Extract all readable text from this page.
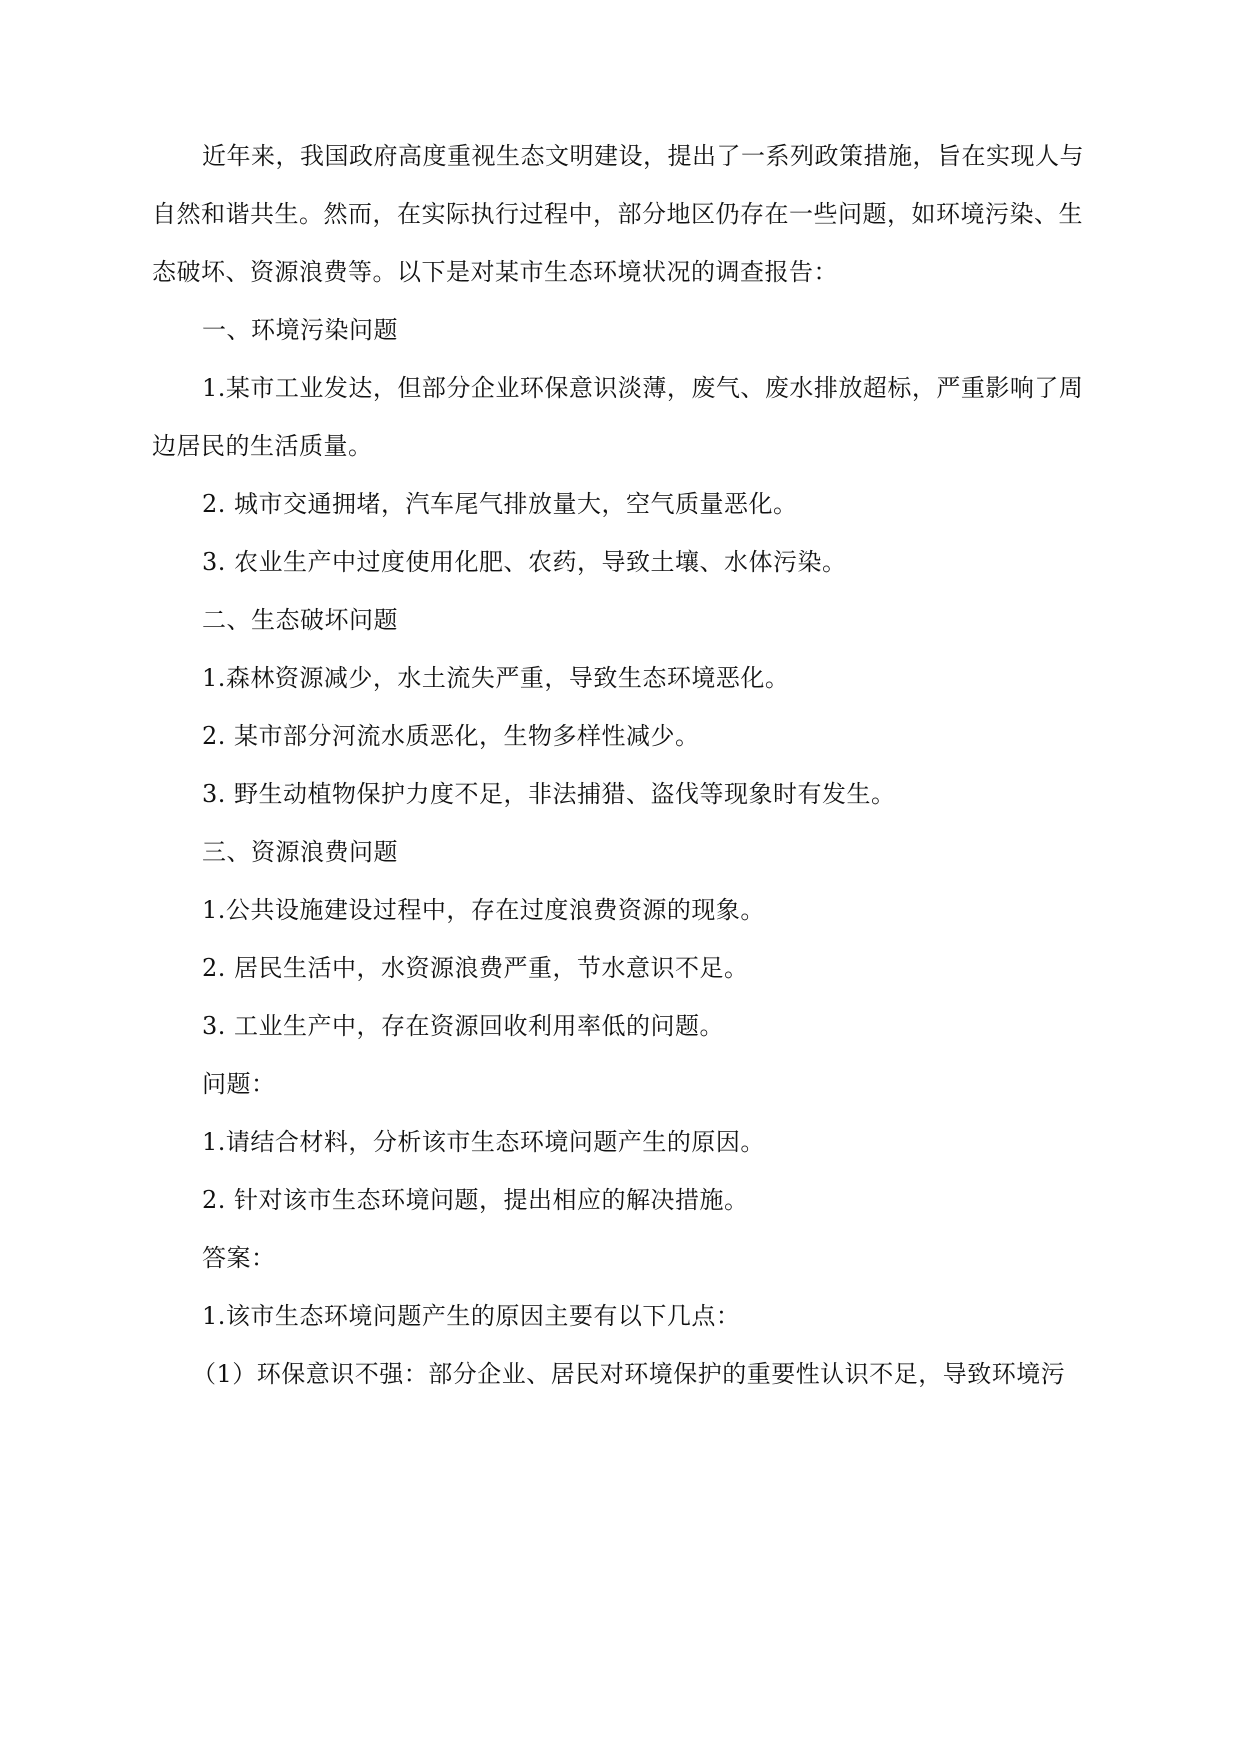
近年来，我国政府高度重视生态文明建设，提出了一系列政策措施，旨在实现人与
自然和谐共生。然而，在实际执行过程中，部分地区仍存在一些问题，如环境污染、生
态破坏、资源浪费等。以下是对某市生态环境状况的调查报告：
一、环境污染问题
1.某市工业发达，但部分企业环保意识淡薄，废气、废水排放超标，严重影响了周
边居民的生活质量。
2. 城市交通拥堵，汽车尾气排放量大，空气质量恶化。
3. 农业生产中过度使用化肥、农药，导致土壤、水体污染。
二、生态破坏问题
1.森林资源减少，水土流失严重，导致生态环境恶化。
2. 某市部分河流水质恶化，生物多样性减少。
3. 野生动植物保护力度不足，非法捕猎、盗伐等现象时有发生。
三、资源浪费问题
1.公共设施建设过程中，存在过度浪费资源的现象。
2. 居民生活中，水资源浪费严重，节水意识不足。
3. 工业生产中，存在资源回收利用率低的问题。
问题：
1.请结合材料，分析该市生态环境问题产生的原因。
2. 针对该市生态环境问题，提出相应的解决措施。
答案：
1.该市生态环境问题产生的原因主要有以下几点：
（1）环保意识不强：部分企业、居民对环境保护的重要性认识不足，导致环境污
